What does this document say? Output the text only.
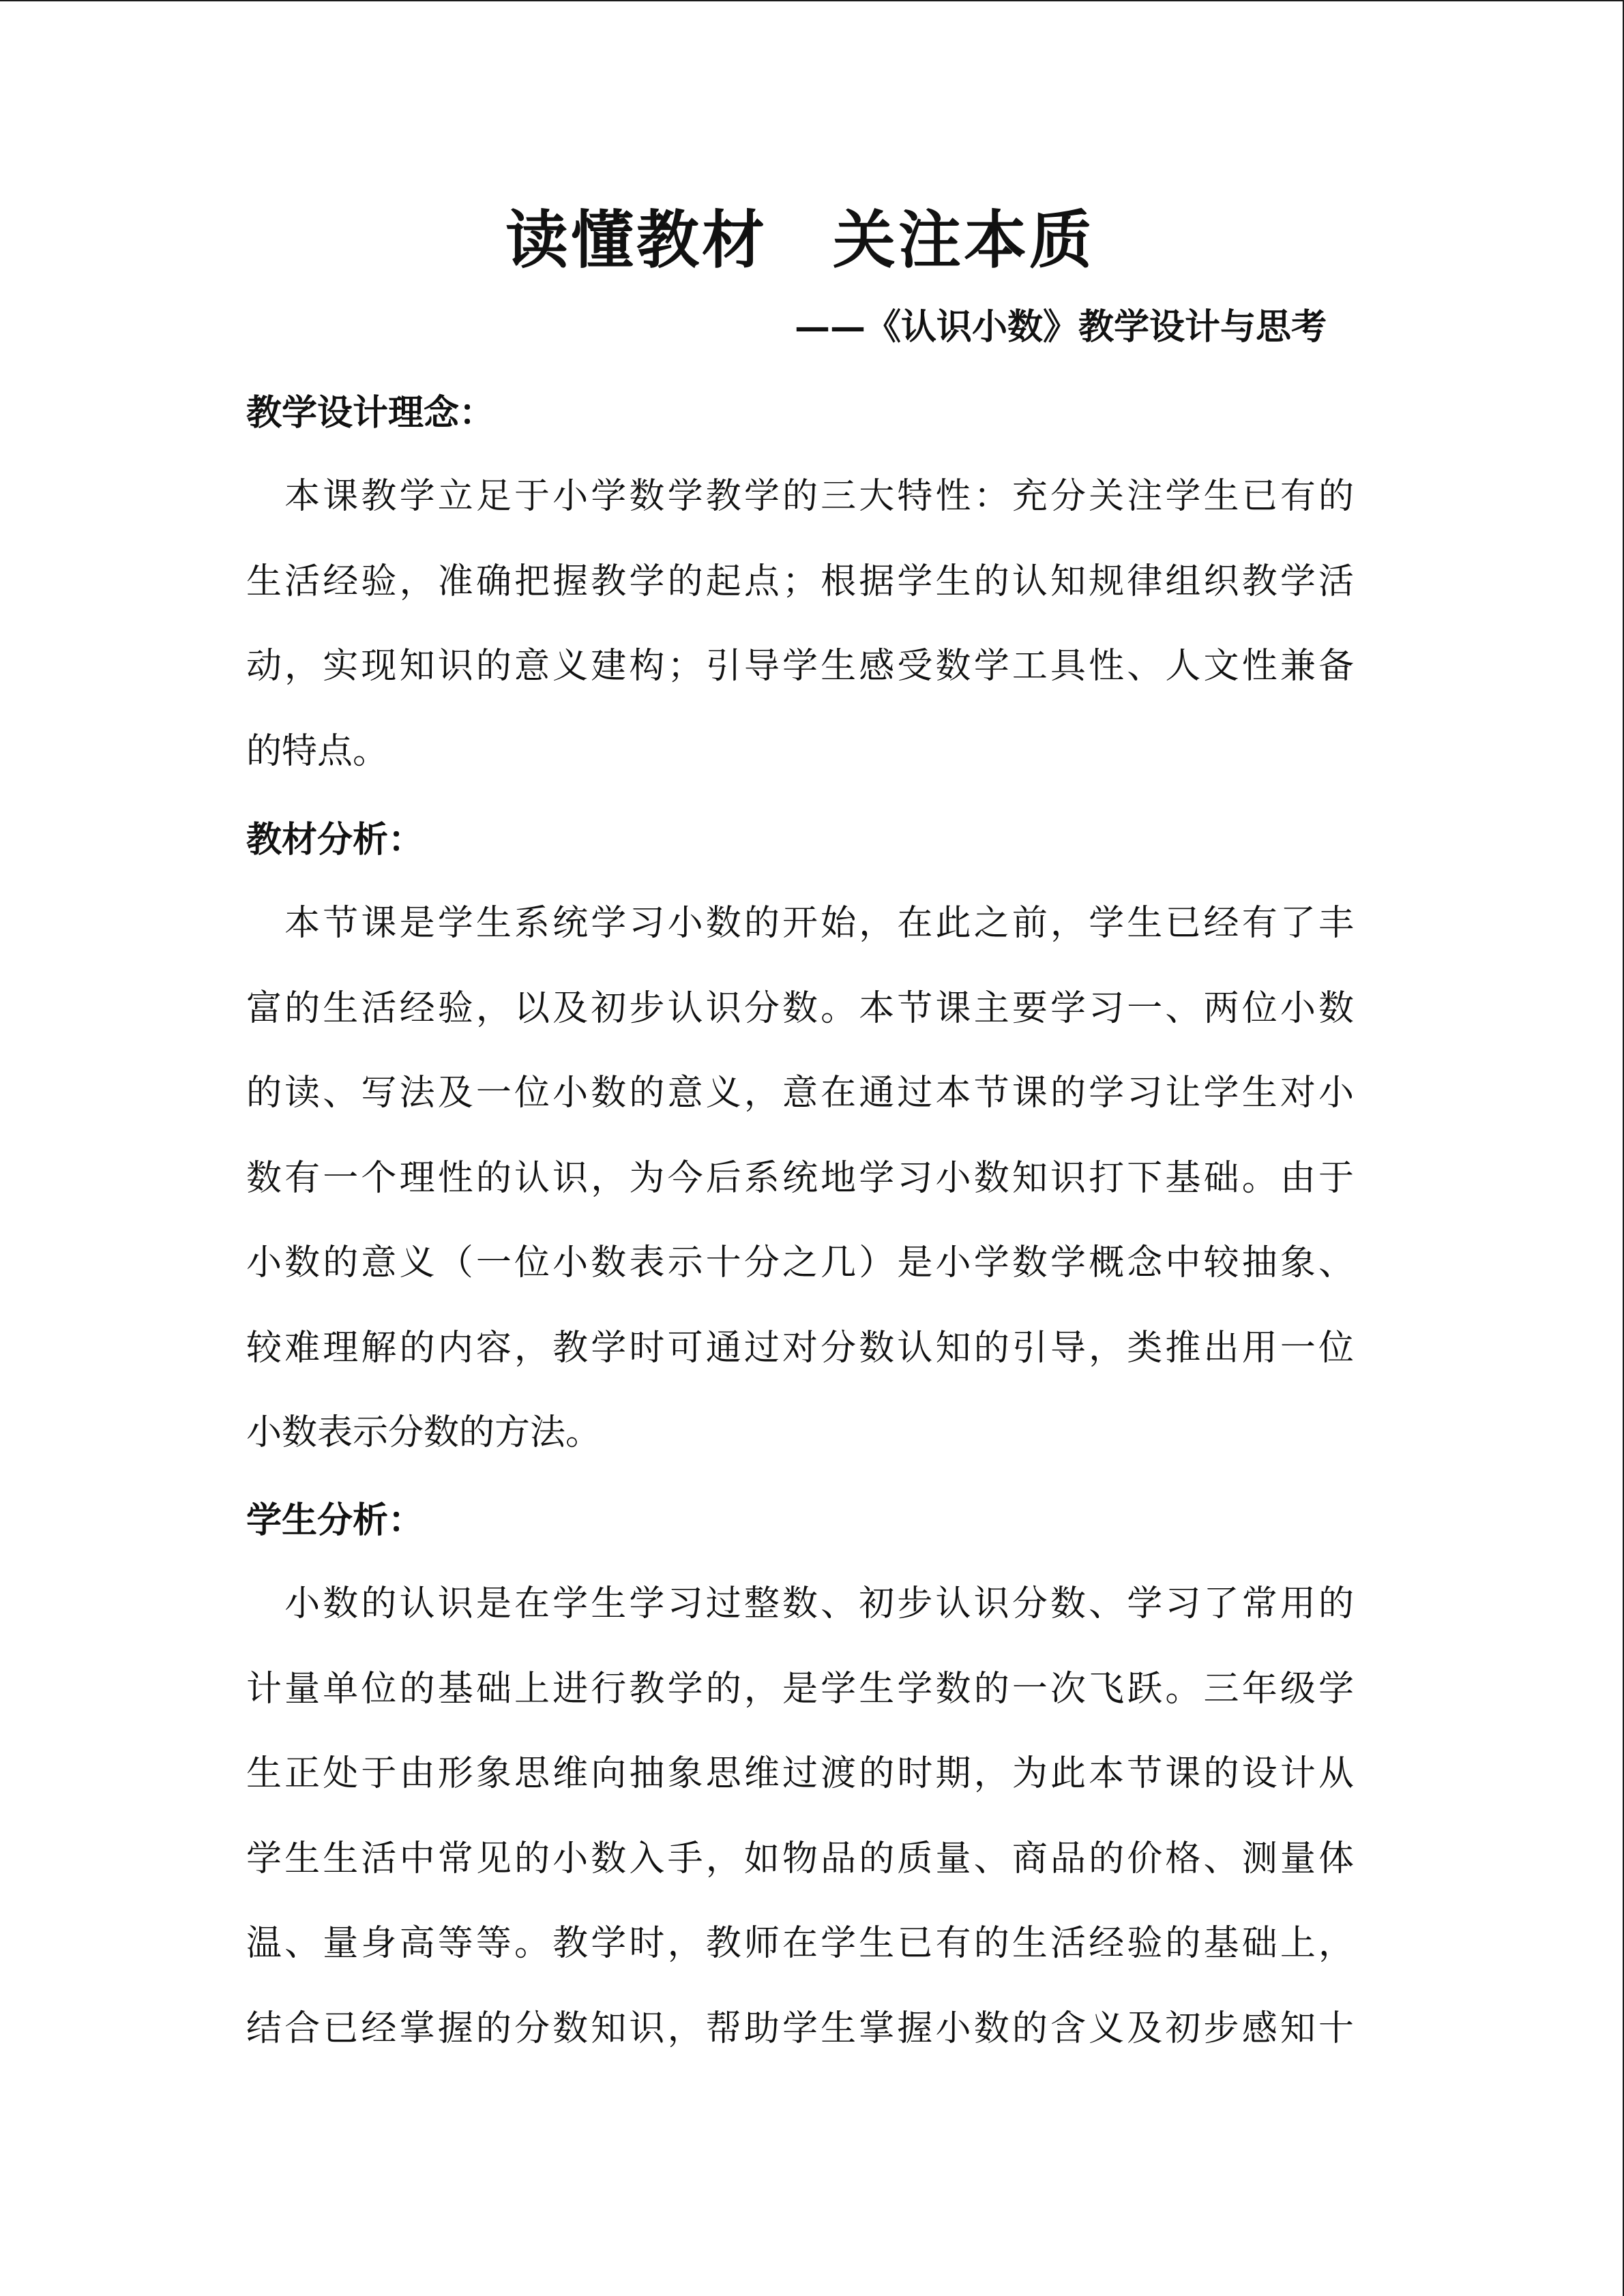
读懂教材　关注本质
——《认识小数》教学设计与思考
教学设计理念：
　本课教学立足于小学数学教学的三大特性：充分关注学生已有的
生活经验，准确把握教学的起点；根据学生的认知规律组织教学活
动，实现知识的意义建构；引导学生感受数学工具性、人文性兼备
的特点。
教材分析：
　本节课是学生系统学习小数的开始，在此之前，学生已经有了丰
富的生活经验，以及初步认识分数。本节课主要学习一、两位小数
的读、写法及一位小数的意义，意在通过本节课的学习让学生对小
数有一个理性的认识，为今后系统地学习小数知识打下基础。由于
小数的意义（一位小数表示十分之几）是小学数学概念中较抽象、
较难理解的内容，教学时可通过对分数认知的引导，类推出用一位
小数表示分数的方法。
学生分析：
　小数的认识是在学生学习过整数、初步认识分数、学习了常用的
计量单位的基础上进行教学的，是学生学数的一次飞跃。三年级学
生正处于由形象思维向抽象思维过渡的时期，为此本节课的设计从
学生生活中常见的小数入手，如物品的质量、商品的价格、测量体
温、量身高等等。教学时，教师在学生已有的生活经验的基础上，
结合已经掌握的分数知识，帮助学生掌握小数的含义及初步感知十
